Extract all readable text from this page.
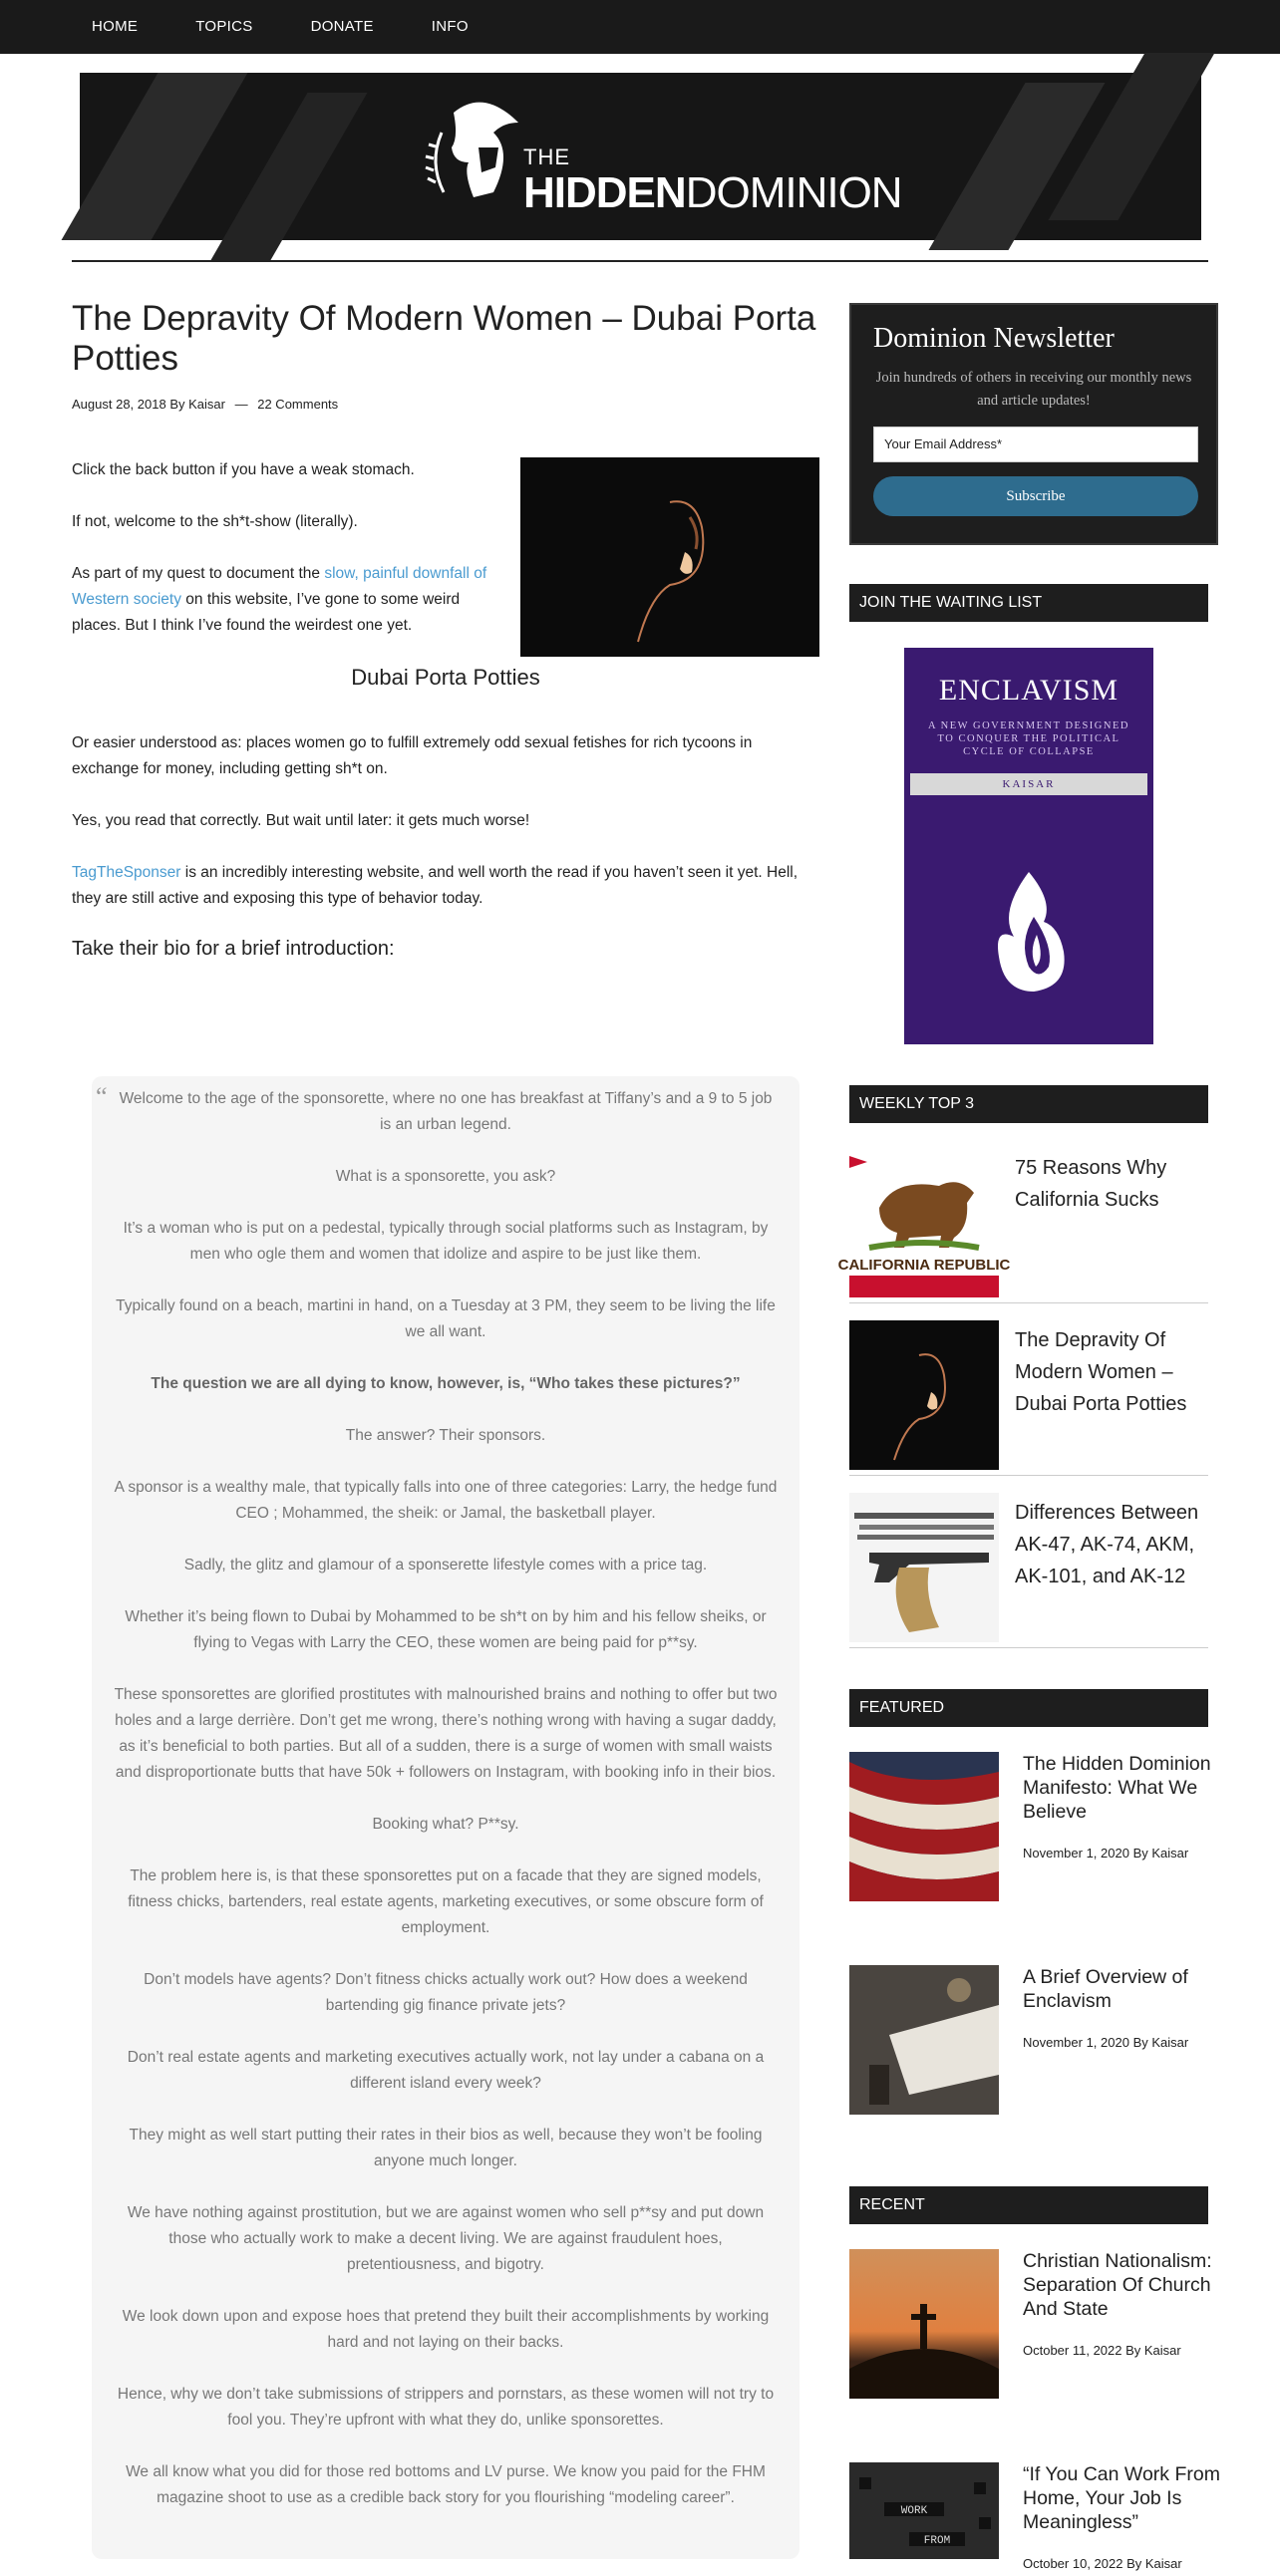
HOME	TOPICS	DONATE	INFO
THE
HIDDENDOMINION
The Depravity Of Modern Women – Dubai Porta Potties
August 28, 2018 By Kaisar — 22 Comments

Click the back button if you have a weak stomach.

If not, welcome to the sh*t-show (literally).

As part of my quest to document the slow, painful downfall of Western society on this website, I’ve gone to some weird places. But I think I’ve found the weirdest one yet.

Dubai Porta Potties

Or easier understood as: places women go to fulfill extremely odd sexual fetishes for rich tycoons in exchange for money, including getting sh*t on.

Yes, you read that correctly. But wait until later: it gets much worse!

TagTheSponser is an incredibly interesting website, and well worth the read if you haven’t seen it yet. Hell, they are still active and exposing this type of behavior today.

Take their bio for a brief introduction:
“ Welcome to the age of the sponsorette, where no one has breakfast at Tiffany’s and a 9 to 5 job is an urban legend.

What is a sponsorette, you ask?

It’s a woman who is put on a pedestal, typically through social platforms such as Instagram, by men who ogle them and women that idolize and aspire to be just like them.

Typically found on a beach, martini in hand, on a Tuesday at 3 PM, they seem to be living the life we all want.

The question we are all dying to know, however, is, “Who takes these pictures?”

The answer? Their sponsors.

A sponsor is a wealthy male, that typically falls into one of three categories: Larry, the hedge fund CEO ; Mohammed, the sheik: or Jamal, the basketball player.

Sadly, the glitz and glamour of a sponserette lifestyle comes with a price tag.

Whether it’s being flown to Dubai by Mohammed to be sh*t on by him and his fellow sheiks, or flying to Vegas with Larry the CEO, these women are being paid for p**sy.

These sponsorettes are glorified prostitutes with malnourished brains and nothing to offer but two holes and a large derrière. Don’t get me wrong, there’s nothing wrong with having a sugar daddy, as it’s beneficial to both parties. But all of a sudden, there is a surge of women with small waists and disproportionate butts that have 50k + followers on Instagram, with booking info in their bios.

Booking what? P**sy.

The problem here is, is that these sponsorettes put on a facade that they are signed models, fitness chicks, bartenders, real estate agents, marketing executives, or some obscure form of employment.

Don’t models have agents? Don’t fitness chicks actually work out? How does a weekend bartending gig finance private jets?

Don’t real estate agents and marketing executives actually work, not lay under a cabana on a different island every week?

They might as well start putting their rates in their bios as well, because they won’t be fooling anyone much longer.

We have nothing against prostitution, but we are against women who sell p**sy and put down those who actually work to make a decent living. We are against fraudulent hoes, pretentiousness, and bigotry.

We look down upon and expose hoes that pretend they built their accomplishments by working hard and not laying on their backs.

Hence, why we don’t take submissions of strippers and pornstars, as these women will not try to fool you. They’re upfront with what they do, unlike sponsorettes.

We all know what you did for those red bottoms and LV purse. We know you paid for the FHM magazine shoot to use as a credible back story for you flourishing “modeling career”.

Dominion Newsletter
Join hundreds of others in receiving our monthly news and article updates!
Your Email Address*
Subscribe
JOIN THE WAITING LIST
ENCLAVISM
A NEW GOVERNMENT DESIGNED TO CONQUER THE POLITICAL CYCLE OF COLLAPSE
KAISAR
WEEKLY TOP 3
CALIFORNIA REPUBLIC
75 Reasons Why California Sucks
The Depravity Of Modern Women – Dubai Porta Potties
Differences Between AK-47, AK-74, AKM, AK-101, and AK-12
FEATURED
The Hidden Dominion Manifesto: What We Believe
November 1, 2020 By Kaisar
A Brief Overview of Enclavism
November 1, 2020 By Kaisar
RECENT
Christian Nationalism: Separation Of Church And State
October 11, 2022 By Kaisar
WORK
FROM
“If You Can Work From Home, Your Job Is Meaningless”
October 10, 2022 By Kaisar
